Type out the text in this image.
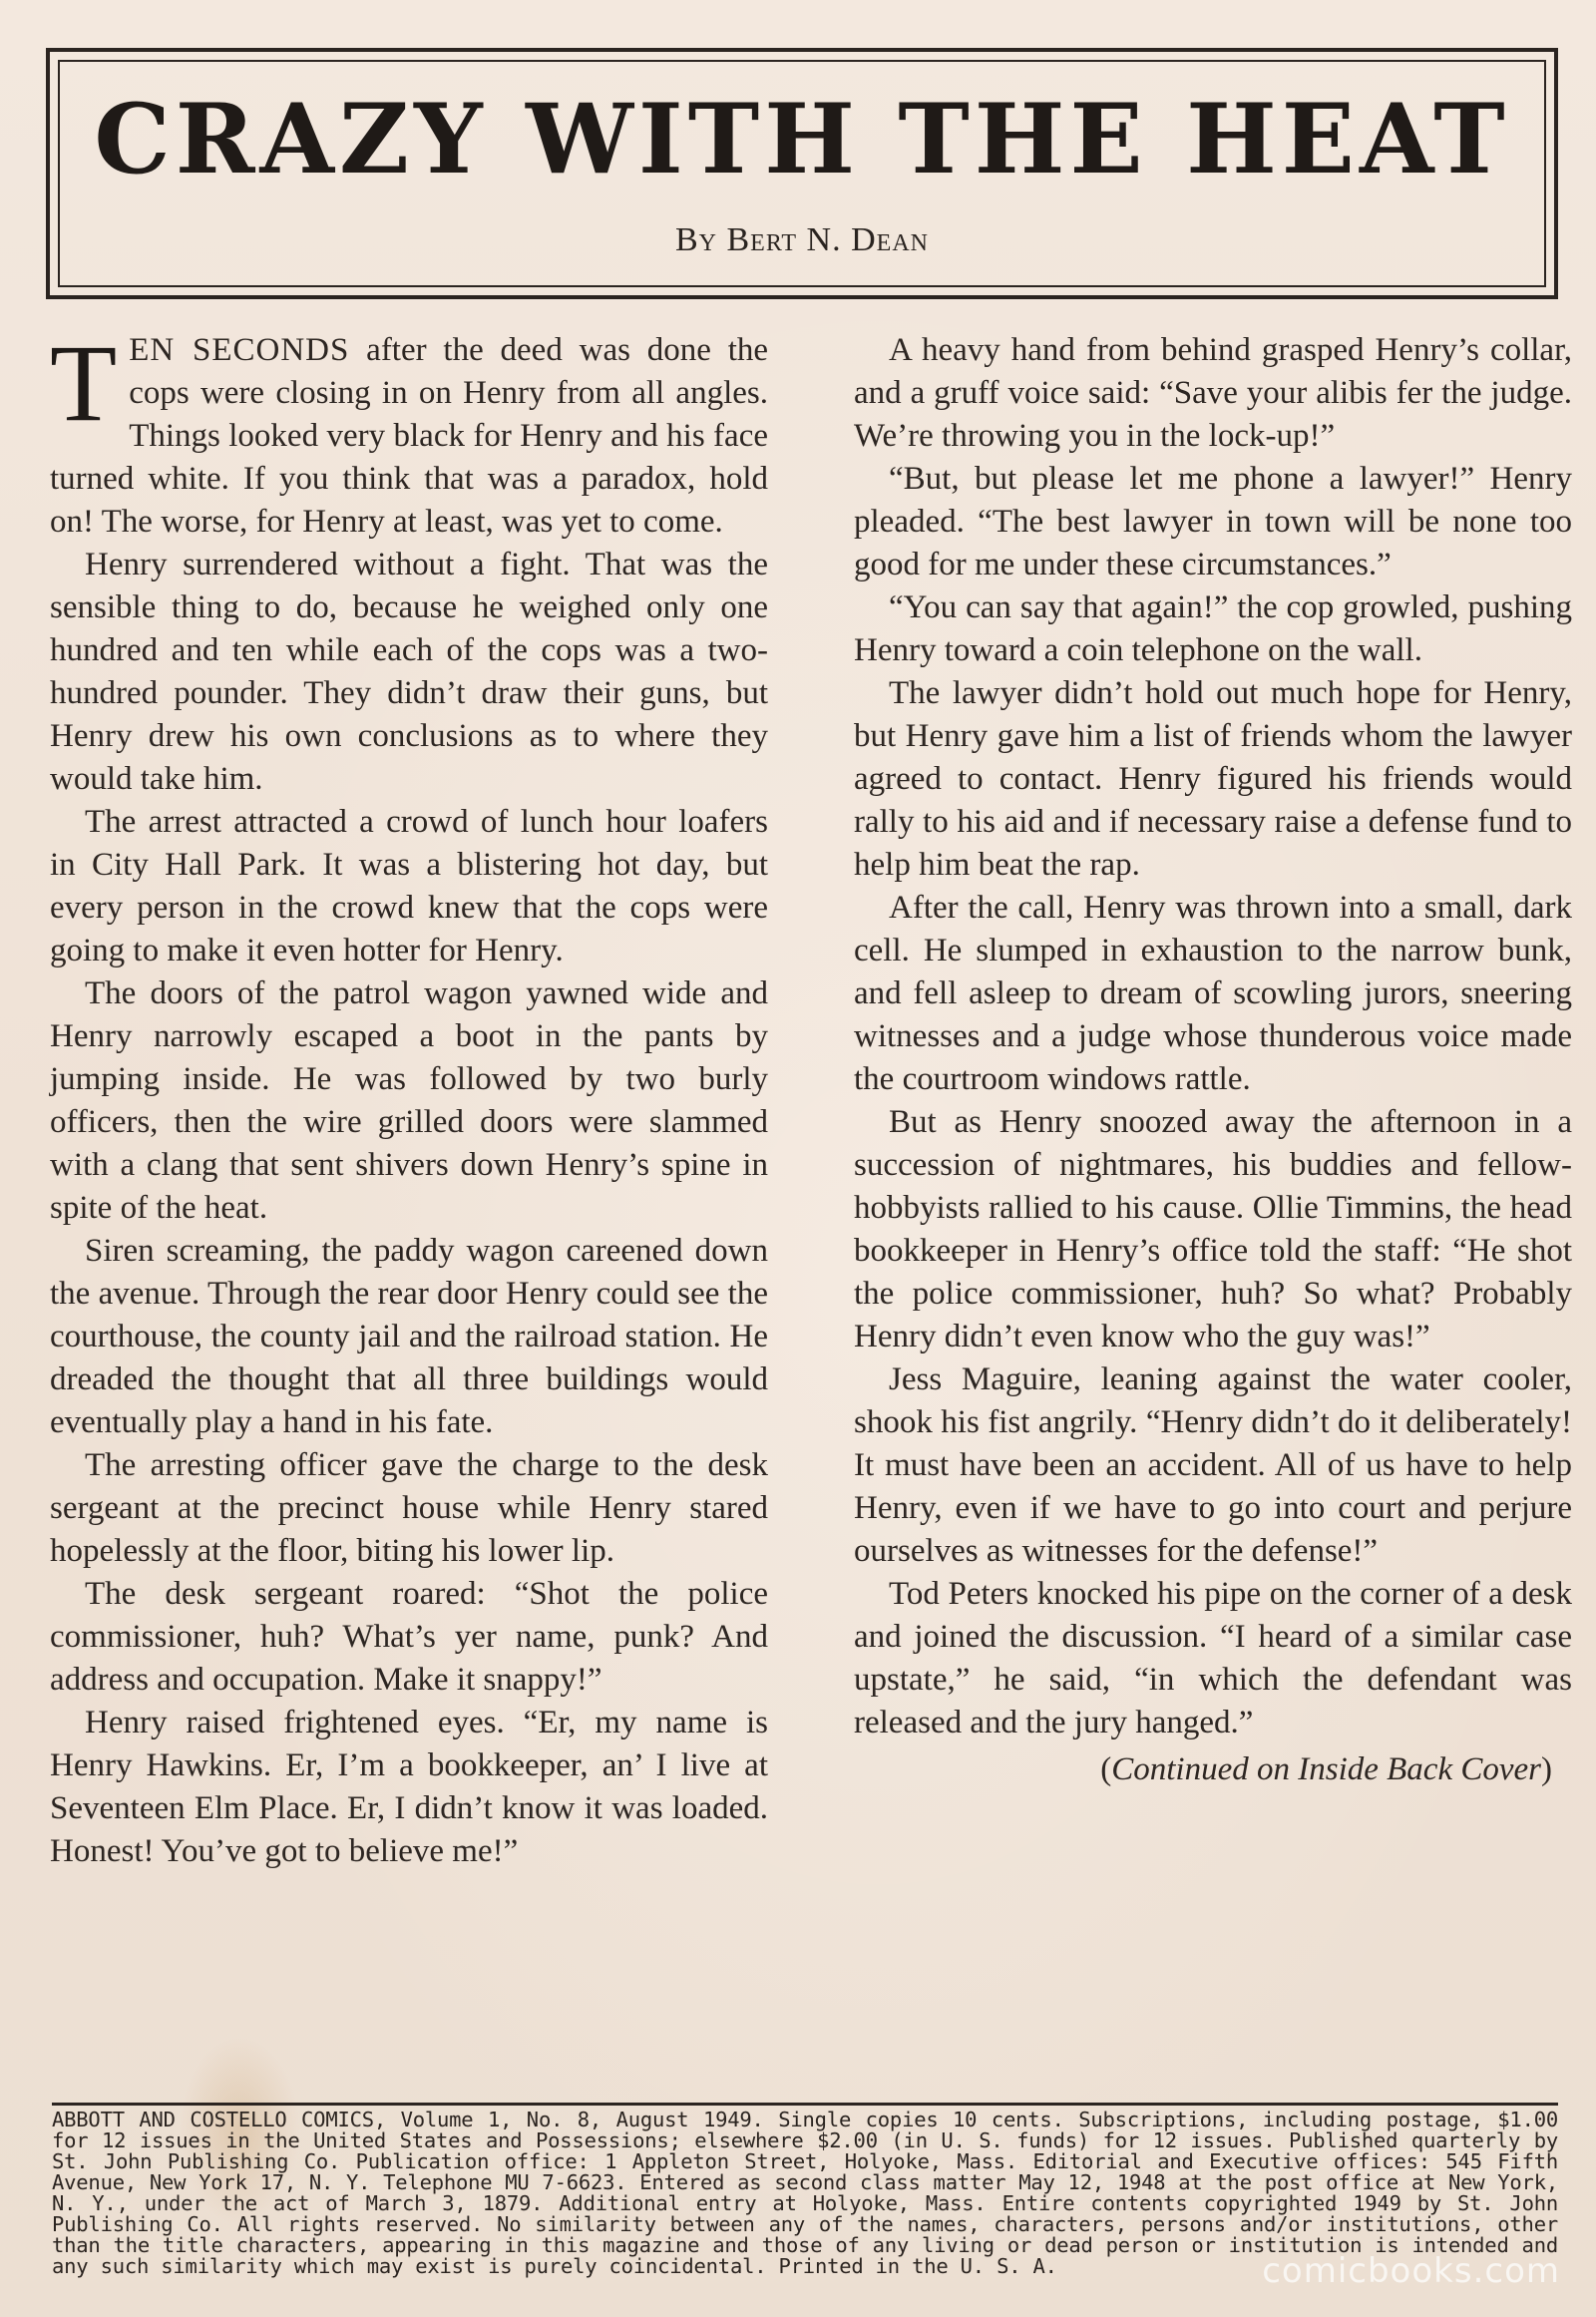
CRAZY WITH THE HEAT
By Bert N. Dean

TEN SECONDS after the deed was done the cops were closing in on Henry from all angles. Things looked very black for Henry and his face turned white. If you think that was a paradox, hold on! The worse, for Henry at least, was yet to come.

Henry surrendered without a fight. That was the sensible thing to do, because he weighed only one hundred and ten while each of the cops was a two-hundred pounder. They didn’t draw their guns, but Henry drew his own conclusions as to where they would take him.

The arrest attracted a crowd of lunch hour loafers in City Hall Park. It was a blistering hot day, but every person in the crowd knew that the cops were going to make it even hotter for Henry.

The doors of the patrol wagon yawned wide and Henry narrowly escaped a boot in the pants by jumping inside. He was followed by two burly officers, then the wire grilled doors were slammed with a clang that sent shivers down Henry’s spine in spite of the heat.

Siren screaming, the paddy wagon careened down the avenue. Through the rear door Henry could see the courthouse, the county jail and the railroad station. He dreaded the thought that all three buildings would eventually play a hand in his fate.

The arresting officer gave the charge to the desk sergeant at the precinct house while Henry stared hopelessly at the floor, biting his lower lip.

The desk sergeant roared: “Shot the police commissioner, huh? What’s yer name, punk? And address and occupation. Make it snappy!”

Henry raised frightened eyes. “Er, my name is Henry Hawkins. Er, I’m a bookkeeper, an’ I live at Seventeen Elm Place. Er, I didn’t know it was loaded. Honest! You’ve got to believe me!”

A heavy hand from behind grasped Henry’s collar, and a gruff voice said: “Save your alibis fer the judge. We’re throwing you in the lock-up!”

“But, but please let me phone a lawyer!” Henry pleaded. “The best lawyer in town will be none too good for me under these circumstances.”

“You can say that again!” the cop growled, pushing Henry toward a coin telephone on the wall.

The lawyer didn’t hold out much hope for Henry, but Henry gave him a list of friends whom the lawyer agreed to contact. Henry figured his friends would rally to his aid and if necessary raise a defense fund to help him beat the rap.

After the call, Henry was thrown into a small, dark cell. He slumped in exhaustion to the narrow bunk, and fell asleep to dream of scowling jurors, sneering witnesses and a judge whose thunderous voice made the courtroom windows rattle.

But as Henry snoozed away the afternoon in a succession of nightmares, his buddies and fellow-hobbyists rallied to his cause. Ollie Timmins, the head bookkeeper in Henry’s office told the staff: “He shot the police commissioner, huh? So what? Probably Henry didn’t even know who the guy was!”

Jess Maguire, leaning against the water cooler, shook his fist angrily. “Henry didn’t do it deliberately! It must have been an accident. All of us have to help Henry, even if we have to go into court and perjure ourselves as witnesses for the defense!”

Tod Peters knocked his pipe on the corner of a desk and joined the discussion. “I heard of a similar case upstate,” he said, “in which the defendant was released and the jury hanged.”

(Continued on Inside Back Cover)

ABBOTT AND COSTELLO COMICS, Volume 1, No. 8, August 1949. Single copies 10 cents. Subscriptions, including postage, $1.00 for 12 issues in the United States and Possessions; elsewhere $2.00 (in U. S. funds) for 12 issues. Published quarterly by St. John Publishing Co. Publication office: 1 Appleton Street, Holyoke, Mass. Editorial and Executive offices: 545 Fifth Avenue, New York 17, N. Y. Telephone MU 7-6623. Entered as second class matter May 12, 1948 at the post office at New York, N. Y., under the act of March 3, 1879. Additional entry at Holyoke, Mass. Entire contents copyrighted 1949 by St. John Publishing Co. All rights reserved. No similarity between any of the names, characters, persons and/or institutions, other than the title characters, appearing in this magazine and those of any living or dead person or institution is intended and any such similarity which may exist is purely coincidental. Printed in the U. S. A.	comicbooks.com
